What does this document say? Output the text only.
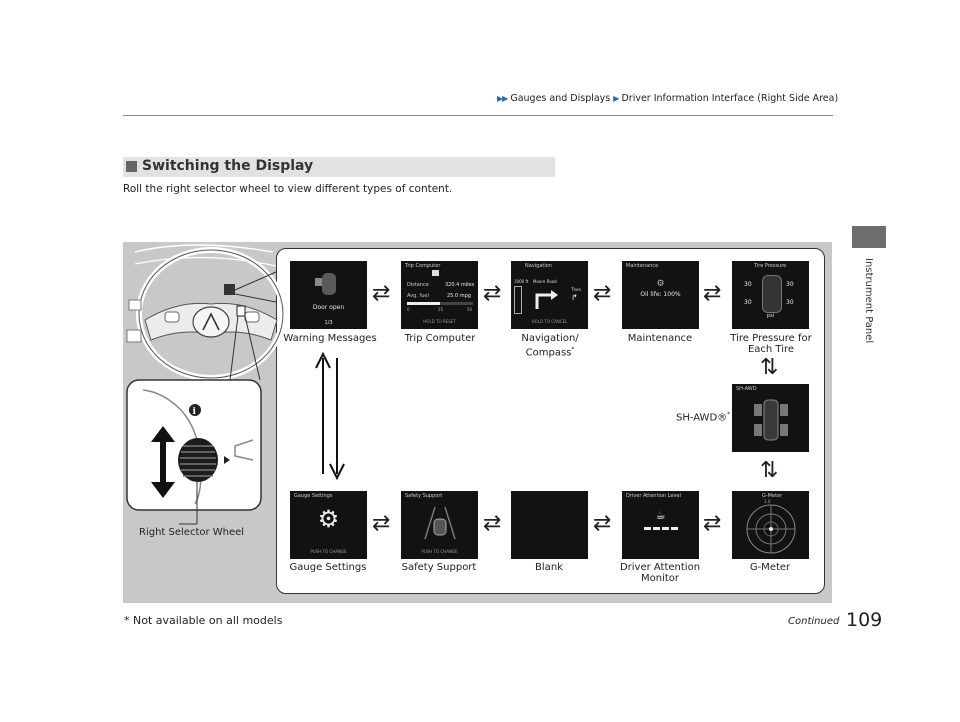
▶▶ Gauges and Displays ▶ Driver Information Interface (Right Side Area)
Instrument Panel
Switching the Display
Roll the right selector wheel to view different types of content.
i
Right Selector Wheel
Door open
1/3
Trip Computer
Distance	320.4 miles
Avg. fuel	25.0 mpg
0	25	50
HOLD TO RESET
Navigation
1000 ft Moore Road
Then
↱
HOLD TO CANCEL
Maintenance
⚙
Oil life: 100%
Tire Pressure
30	30
30	30
psi
SH-AWD
Gauge Settings
⚙
PUSH TO CHANGE
Safety Support
PUSH TO CHANGE
Driver Attention Level
☕
G-Meter
1.0
⇄	⇄	⇄	⇄
⇄	⇄	⇄	⇄
⇅
⇅
Warning Messages	Trip Computer	Navigation/
Compass*
Maintenance	Tire Pressure for
Each Tire
SH-AWD®*
Gauge Settings	Safety Support	Blank	Driver Attention
Monitor
G-Meter
* Not available on all models	Continued 109
